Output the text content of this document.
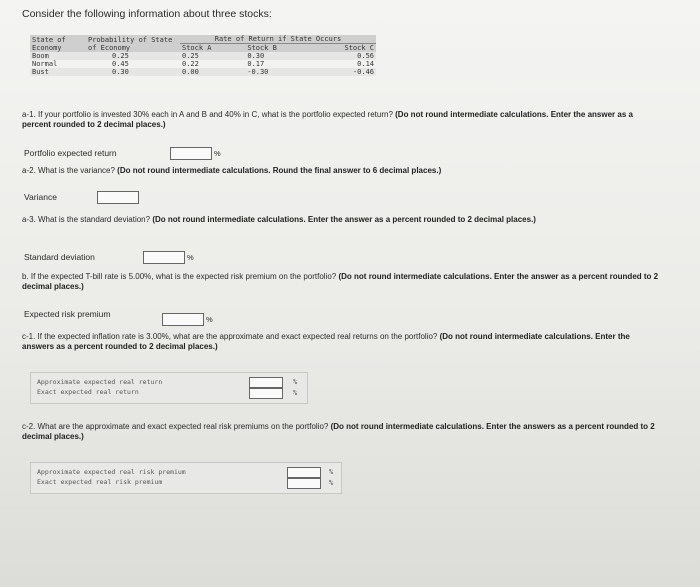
Consider the following information about three stocks:
State of Economy	Probability of State of Economy	Rate of Return if State Occurs		
		Stock A	Stock B	Stock C
Boom	0.25	0.25	0.30	0.56
Normal	0.45	0.22	0.17	0.14
Bust	0.30	0.00	-0.30	-0.46
a-1. If your portfolio is invested 30% each in A and B and 40% in C, what is the portfolio expected return? (Do not round intermediate calculations. Enter the answer as a percent rounded to 2 decimal places.)
Portfolio expected return	%
a-2. What is the variance? (Do not round intermediate calculations. Round the final answer to 6 decimal places.)
Variance
a-3. What is the standard deviation? (Do not round intermediate calculations. Enter the answer as a percent rounded to 2 decimal places.)
Standard deviation	%
b. If the expected T-bill rate is 5.00%, what is the expected risk premium on the portfolio? (Do not round intermediate calculations. Enter the answer as a percent rounded to 2 decimal places.)
Expected risk premium
%
c-1. If the expected inflation rate is 3.00%, what are the approximate and exact expected real returns on the portfolio? (Do not round intermediate calculations. Enter the answers as a percent rounded to 2 decimal places.)
Approximate expected real return
Exact expected real return
%
%
c-2. What are the approximate and exact expected real risk premiums on the portfolio? (Do not round intermediate calculations. Enter the answers as a percent rounded to 2 decimal places.)
Approximate expected real risk premium
Exact expected real risk premium
%
%
